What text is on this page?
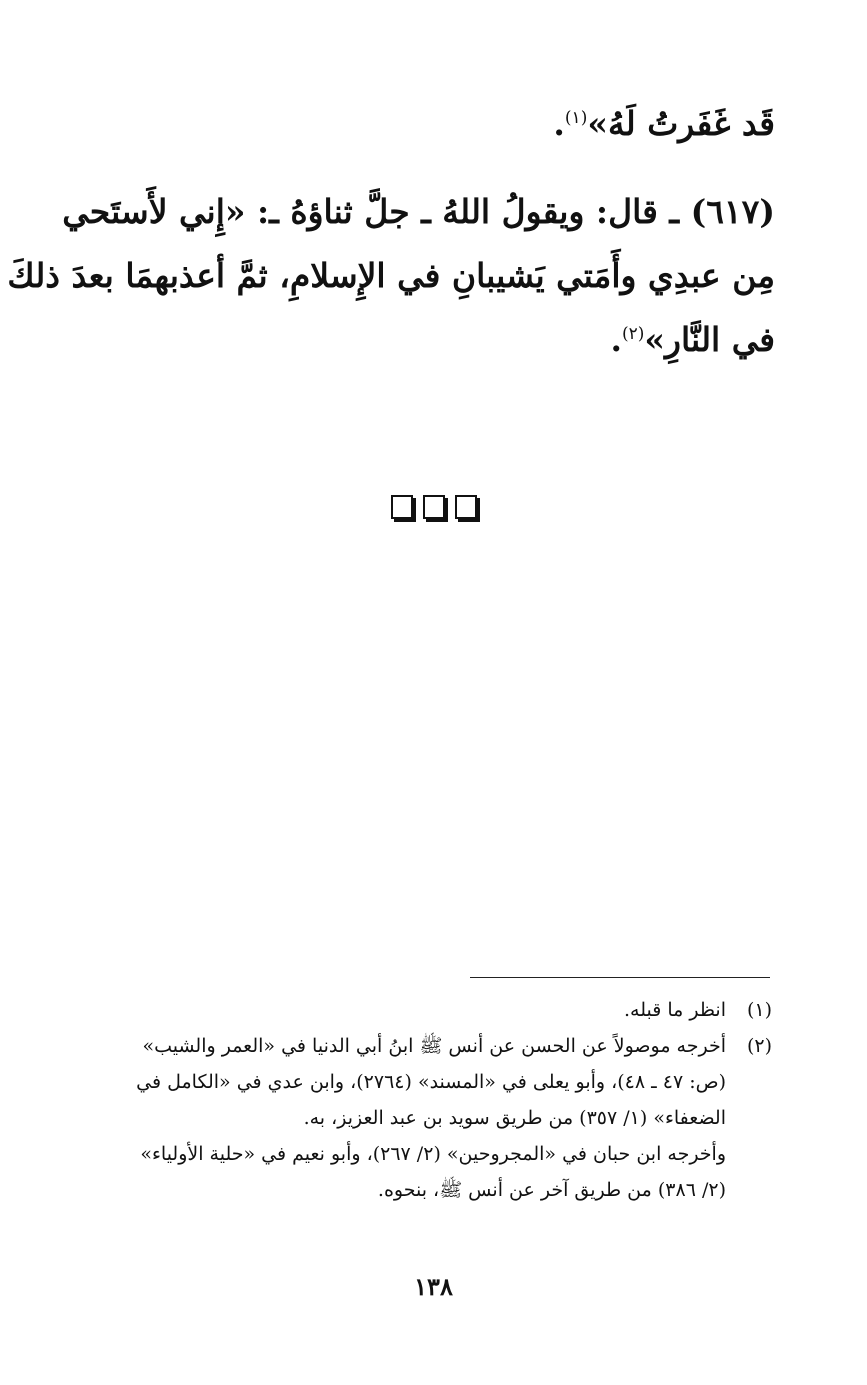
قَد غَفَرتُ لَهُ»$^{(١)}$.
(٦١٧) ـ قال: ويقولُ اللهُ ـ جلَّ ثناؤهُ ـ: «إِني لأَستَحي
مِن عبدِي وأَمَتي يَشيبانِ في الإِسلامِ، ثمَّ أعذبهمَا بعدَ ذلكَ
في النَّارِ»$^{(٢)}$.
(١)
انظر ما قبله.
(٢)
أخرجه موصولاً عن الحسن عن أنس ﷺ ابنُ أبي الدنيا في «العمر والشيب»
(ص: ٤٧ ـ ٤٨)، وأبو يعلى في «المسند» (٢٧٦٤)، وابن عدي في «الكامل في
الضعفاء» (١/ ٣٥٧) من طريق سويد بن عبد العزيز، به.
وأخرجه ابن حبان في «المجروحين» (٢/ ٢٦٧)، وأبو نعيم في «حلية الأولياء»
(٢/ ٣٨٦) من طريق آخر عن أنس ﷺ، بنحوه.
١٣٨
